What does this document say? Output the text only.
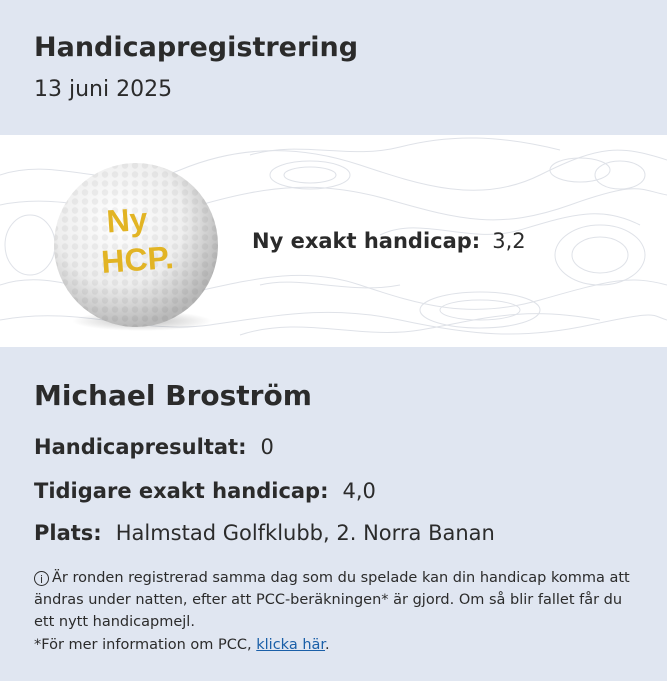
Handicapregistrering
13 juni 2025
Ny
HCP.	Ny exakt handicap: 3,2
Michael Broström
Handicapresultat: 0
Tidigare exakt handicap: 4,0
Plats: Halmstad Golfklubb, 2. Norra Banan
i Är ronden registrerad samma dag som du spelade kan din handicap komma att ändras under natten, efter att PCC-beräkningen* är gjord. Om så blir fallet får du ett nytt handicapmejl.
*För mer information om PCC, klicka här.
